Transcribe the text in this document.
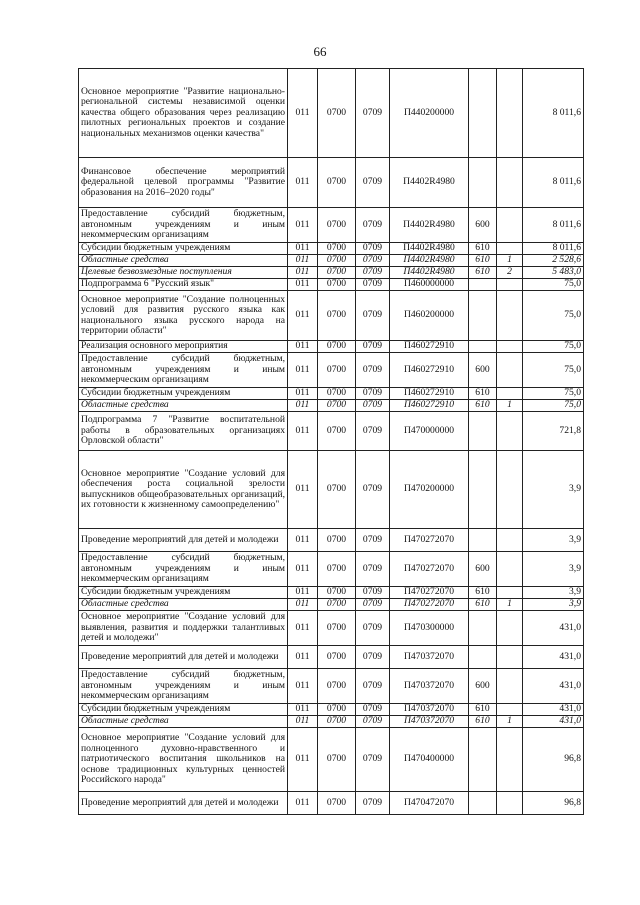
66
Основное мероприятие "Развитие национально-региональной системы независимой оценки качества общего образования через реализацию пилотных региональных проектов и создание национальных механизмов оценки качества"	011	0700	0709	П440200000			8 011,6
Финансовое обеспечение мероприятий федеральной целевой программы "Развитие образования на 2016–2020 годы"	011	0700	0709	П4402R4980			8 011,6
Предоставление субсидий бюджетным, автономным учреждениям и иным некоммерческим организациям	011	0700	0709	П4402R4980	600		8 011,6
Субсидии бюджетным учреждениям	011	0700	0709	П4402R4980	610		8 011,6
Областные средства	011	0700	0709	П4402R4980	610	1	2 528,6
Целевые безвозмездные поступления	011	0700	0709	П4402R4980	610	2	5 483,0
Подпрограмма 6 "Русский язык"	011	0700	0709	П460000000			75,0
Основное мероприятие "Создание полноценных условий для развития русского языка как национального языка русского народа на территории области"	011	0700	0709	П460200000			75,0
Реализация основного мероприятия	011	0700	0709	П460272910			75,0
Предоставление субсидий бюджетным, автономным учреждениям и иным некоммерческим организациям	011	0700	0709	П460272910	600		75,0
Субсидии бюджетным учреждениям	011	0700	0709	П460272910	610		75,0
Областные средства	011	0700	0709	П460272910	610	1	75,0
Подпрограмма 7 "Развитие воспитательной работы в образовательных организациях Орловской области"	011	0700	0709	П470000000			721,8
Основное мероприятие "Создание условий для обеспечения роста социальной зрелости выпускников общеобразовательных организаций, их готовности к жизненному самоопределению"	011	0700	0709	П470200000			3,9
Проведение мероприятий для детей и молодежи	011	0700	0709	П470272070			3,9
Предоставление субсидий бюджетным, автономным учреждениям и иным некоммерческим организациям	011	0700	0709	П470272070	600		3,9
Субсидии бюджетным учреждениям	011	0700	0709	П470272070	610		3,9
Областные средства	011	0700	0709	П470272070	610	1	3,9
Основное мероприятие "Создание условий для выявления, развития и поддержки талантливых детей и молодежи"	011	0700	0709	П470300000			431,0
Проведение мероприятий для детей и молодежи	011	0700	0709	П470372070			431,0
Предоставление субсидий бюджетным, автономным учреждениям и иным некоммерческим организациям	011	0700	0709	П470372070	600		431,0
Субсидии бюджетным учреждениям	011	0700	0709	П470372070	610		431,0
Областные средства	011	0700	0709	П470372070	610	1	431,0
Основное мероприятие "Создание условий для полноценного духовно-нравственного и патриотического воспитания школьников на основе традиционных культурных ценностей Российского народа"	011	0700	0709	П470400000			96,8
Проведение мероприятий для детей и молодежи	011	0700	0709	П470472070			96,8
